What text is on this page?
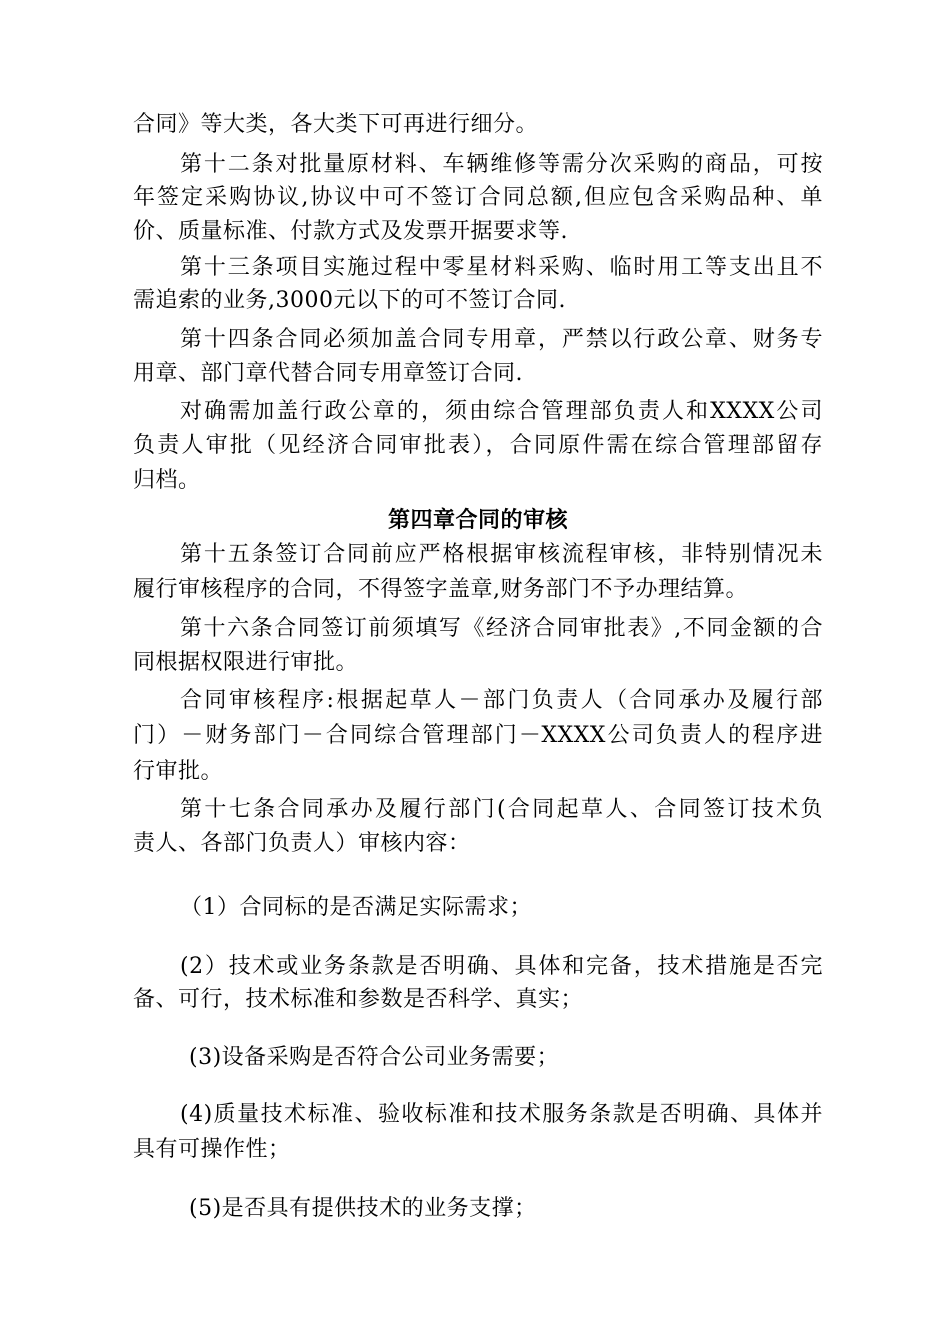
合同》等大类，各大类下可再进行细分。
第十二条对批量原材料、车辆维修等需分次采购的商品，可按
年签定采购协议,协议中可不签订合同总额,但应包含采购品种、单
价、质量标准、付款方式及发票开据要求等.
第十三条项目实施过程中零星材料采购、临时用工等支出且不
需追索的业务,3000元以下的可不签订合同.
第十四条合同必须加盖合同专用章，严禁以行政公章、财务专
用章、部门章代替合同专用章签订合同.
对确需加盖行政公章的，须由综合管理部负责人和XXXX公司
负责人审批（见经济合同审批表），合同原件需在综合管理部留存
归档。
第四章合同的审核
第十五条签订合同前应严格根据审核流程审核，非特别情况未
履行审核程序的合同，不得签字盖章,财务部门不予办理结算。
第十六条合同签订前须填写《经济合同审批表》,不同金额的合
同根据权限进行审批。
合同审核程序:根据起草人－部门负责人（合同承办及履行部
门）－财务部门－合同综合管理部门－XXXX公司负责人的程序进
行审批。
第十七条合同承办及履行部门(合同起草人、合同签订技术负
责人、各部门负责人）审核内容：
（1）合同标的是否满足实际需求；
(2）技术或业务条款是否明确、具体和完备，技术措施是否完
备、可行，技术标准和参数是否科学、真实；
(3)设备采购是否符合公司业务需要；
(4)质量技术标准、验收标准和技术服务条款是否明确、具体并
具有可操作性；
(5)是否具有提供技术的业务支撑；
